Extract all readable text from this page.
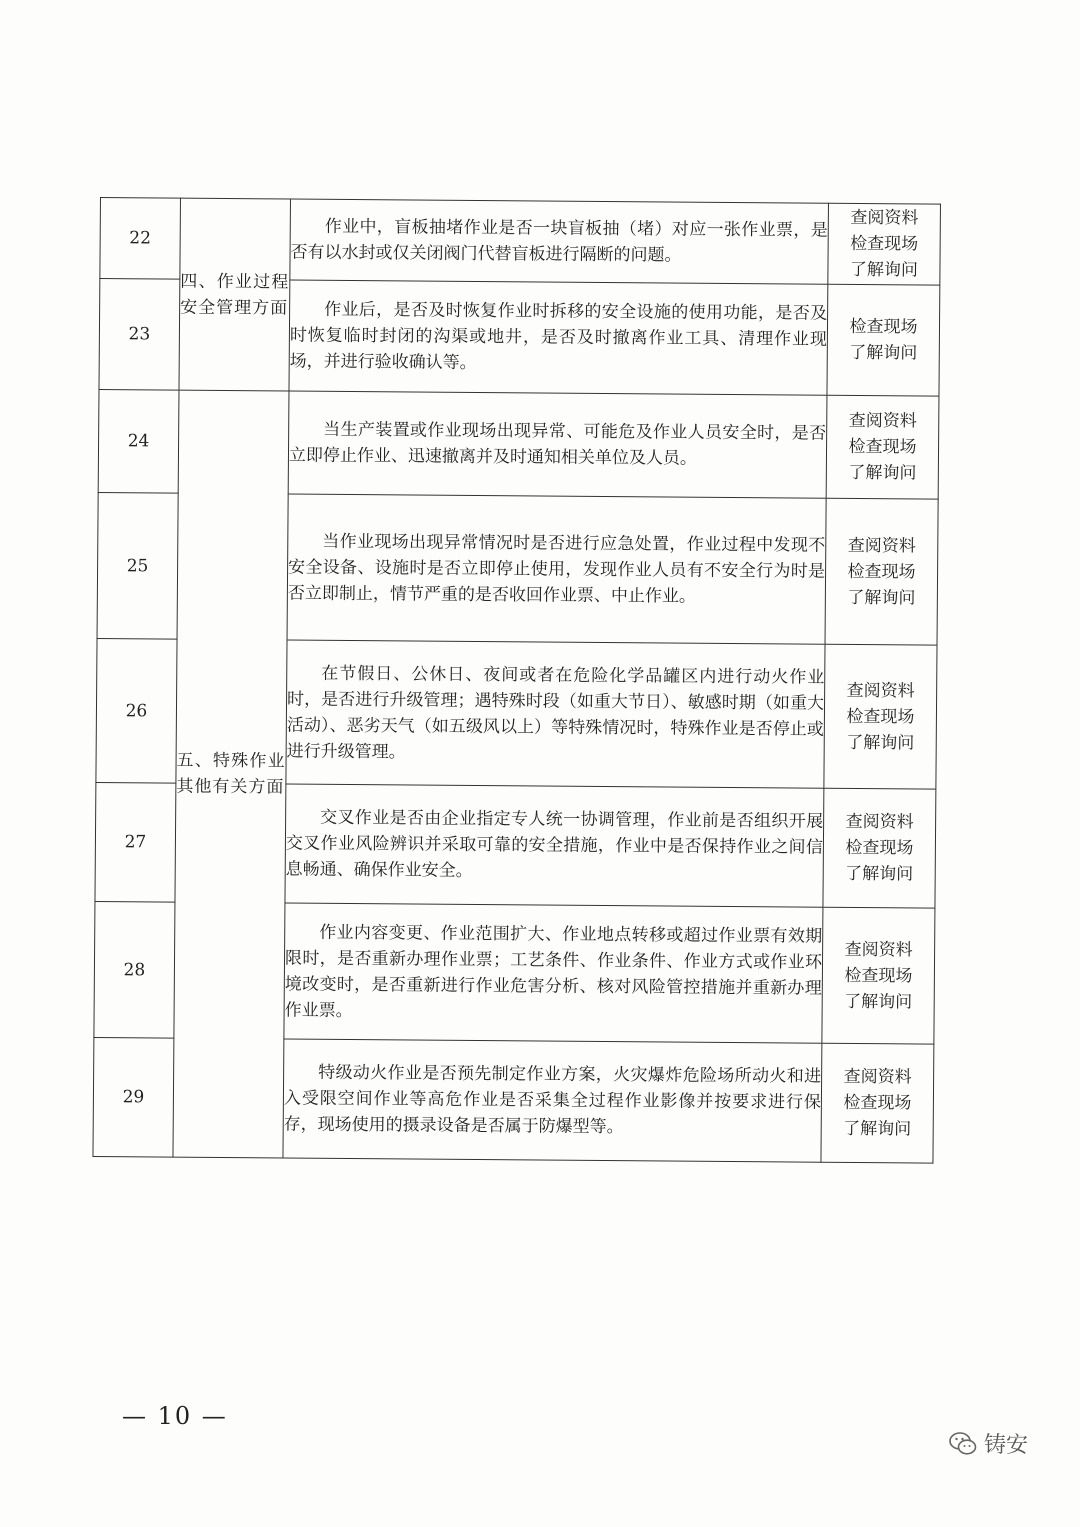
22	四、作业过程安全管理方面	作业中，盲板抽堵作业是否一块盲板抽（堵）对应一张作业票，是否有以水封或仅关闭阀门代替盲板进行隔断的问题。	查阅资料
检查现场
了解询问

23		作业后，是否及时恢复作业时拆移的安全设施的使用功能，是否及时恢复临时封闭的沟渠或地井，是否及时撤离作业工具、清理作业现场，并进行验收确认等。	检查现场
了解询问

24	五、特殊作业其他有关方面	当生产装置或作业现场出现异常、可能危及作业人员安全时，是否立即停止作业、迅速撤离并及时通知相关单位及人员。	查阅资料
检查现场
了解询问

25		当作业现场出现异常情况时是否进行应急处置，作业过程中发现不安全设备、设施时是否立即停止使用，发现作业人员有不安全行为时是否立即制止，情节严重的是否收回作业票、中止作业。	查阅资料
检查现场
了解询问

26		在节假日、公休日、夜间或者在危险化学品罐区内进行动火作业时，是否进行升级管理；遇特殊时段（如重大节日）、敏感时期（如重大活动）、恶劣天气（如五级风以上）等特殊情况时，特殊作业是否停止或进行升级管理。	查阅资料
检查现场
了解询问

27		交叉作业是否由企业指定专人统一协调管理，作业前是否组织开展交叉作业风险辨识并采取可靠的安全措施，作业中是否保持作业之间信息畅通、确保作业安全。	查阅资料
检查现场
了解询问

28		作业内容变更、作业范围扩大、作业地点转移或超过作业票有效期限时，是否重新办理作业票；工艺条件、作业条件、作业方式或作业环境改变时，是否重新进行作业危害分析、核对风险管控措施并重新办理作业票。	查阅资料
检查现场
了解询问

29		特级动火作业是否预先制定作业方案，火灾爆炸危险场所动火和进入受限空间作业等高危作业是否采集全过程作业影像并按要求进行保存，现场使用的摄录设备是否属于防爆型等。	查阅资料
检查现场
了解询问
— 10 —
铸安
